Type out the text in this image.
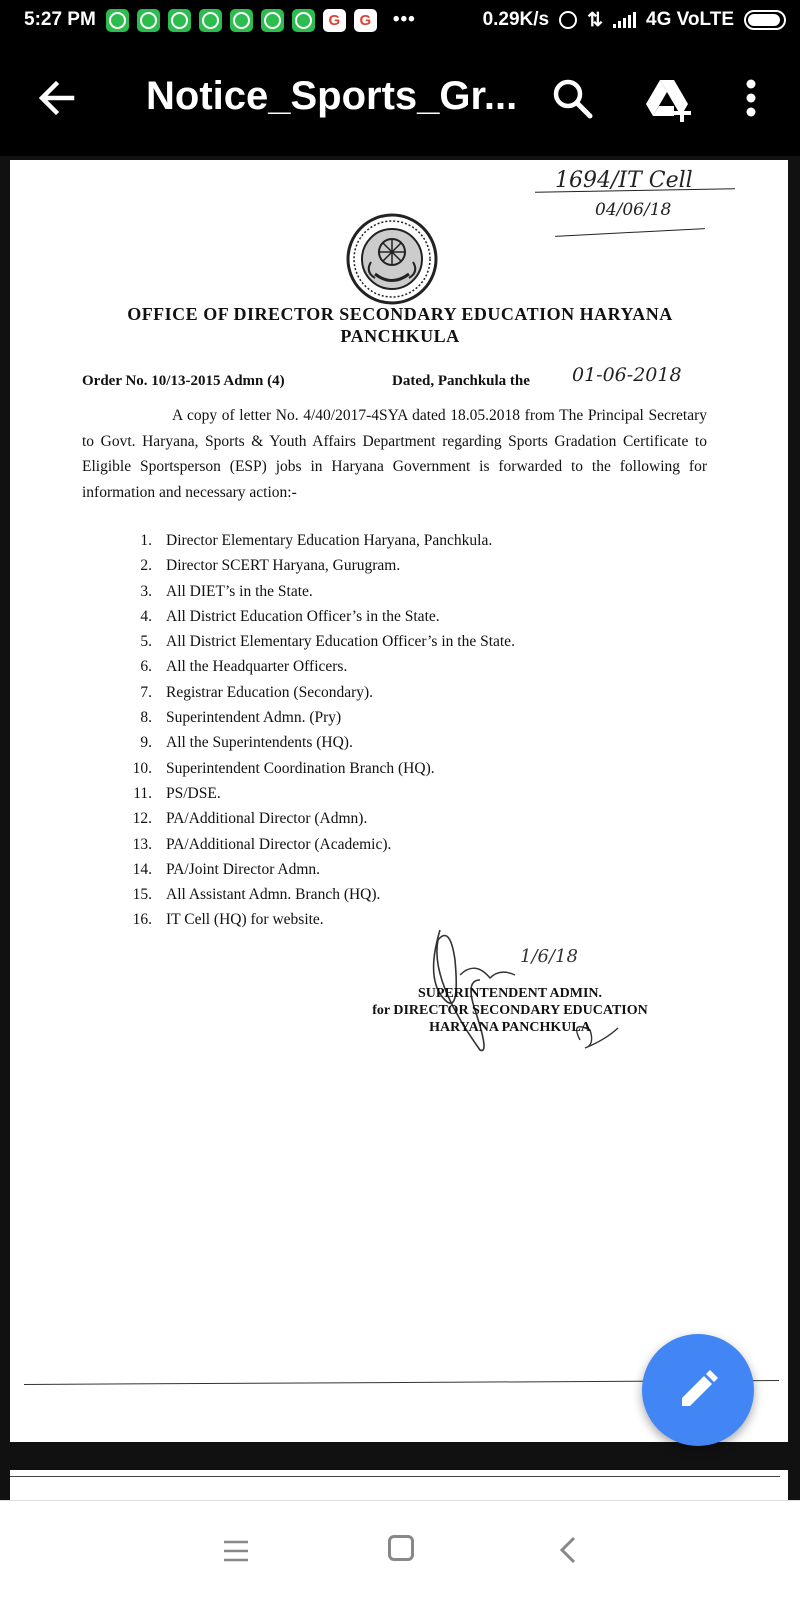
5:27 PM	G	G •••	0.29K/s ⇅ 4G VoLTE
Notice_Sports_Gr...
1694/IT Cell
04/06/18
OFFICE OF DIRECTOR SECONDARY EDUCATION HARYANA
PANCHKULA
Order No. 10/13-2015 Admn (4)	Dated, Panchkula the 01-06-2018

A copy of letter No. 4/40/2017-4SYA dated 18.05.2018 from The Principal Secretary to Govt. Haryana, Sports & Youth Affairs Department regarding Sports Gradation Certificate to Eligible Sportsperson (ESP) jobs in Haryana Government is forwarded to the following for information and necessary action:-

1. Director Elementary Education Haryana, Panchkula.
2. Director SCERT Haryana, Gurugram.
3. All DIET’s in the State.
4. All District Education Officer’s in the State.
5. All District Elementary Education Officer’s in the State.
6. All the Headquarter Officers.
7. Registrar Education (Secondary).
8. Superintendent Admn. (Pry)
9. All the Superintendents (HQ).
10. Superintendent Coordination Branch (HQ).
11. PS/DSE.
12. PA/Additional Director (Admn).
13. PA/Additional Director (Academic).
14. PA/Joint Director Admn.
15. All Assistant Admn. Branch (HQ).
16. IT Cell (HQ) for website.
1/6/18
SUPERINTENDENT ADMIN.
for DIRECTOR SECONDARY EDUCATION
HARYANA PANCHKULA
